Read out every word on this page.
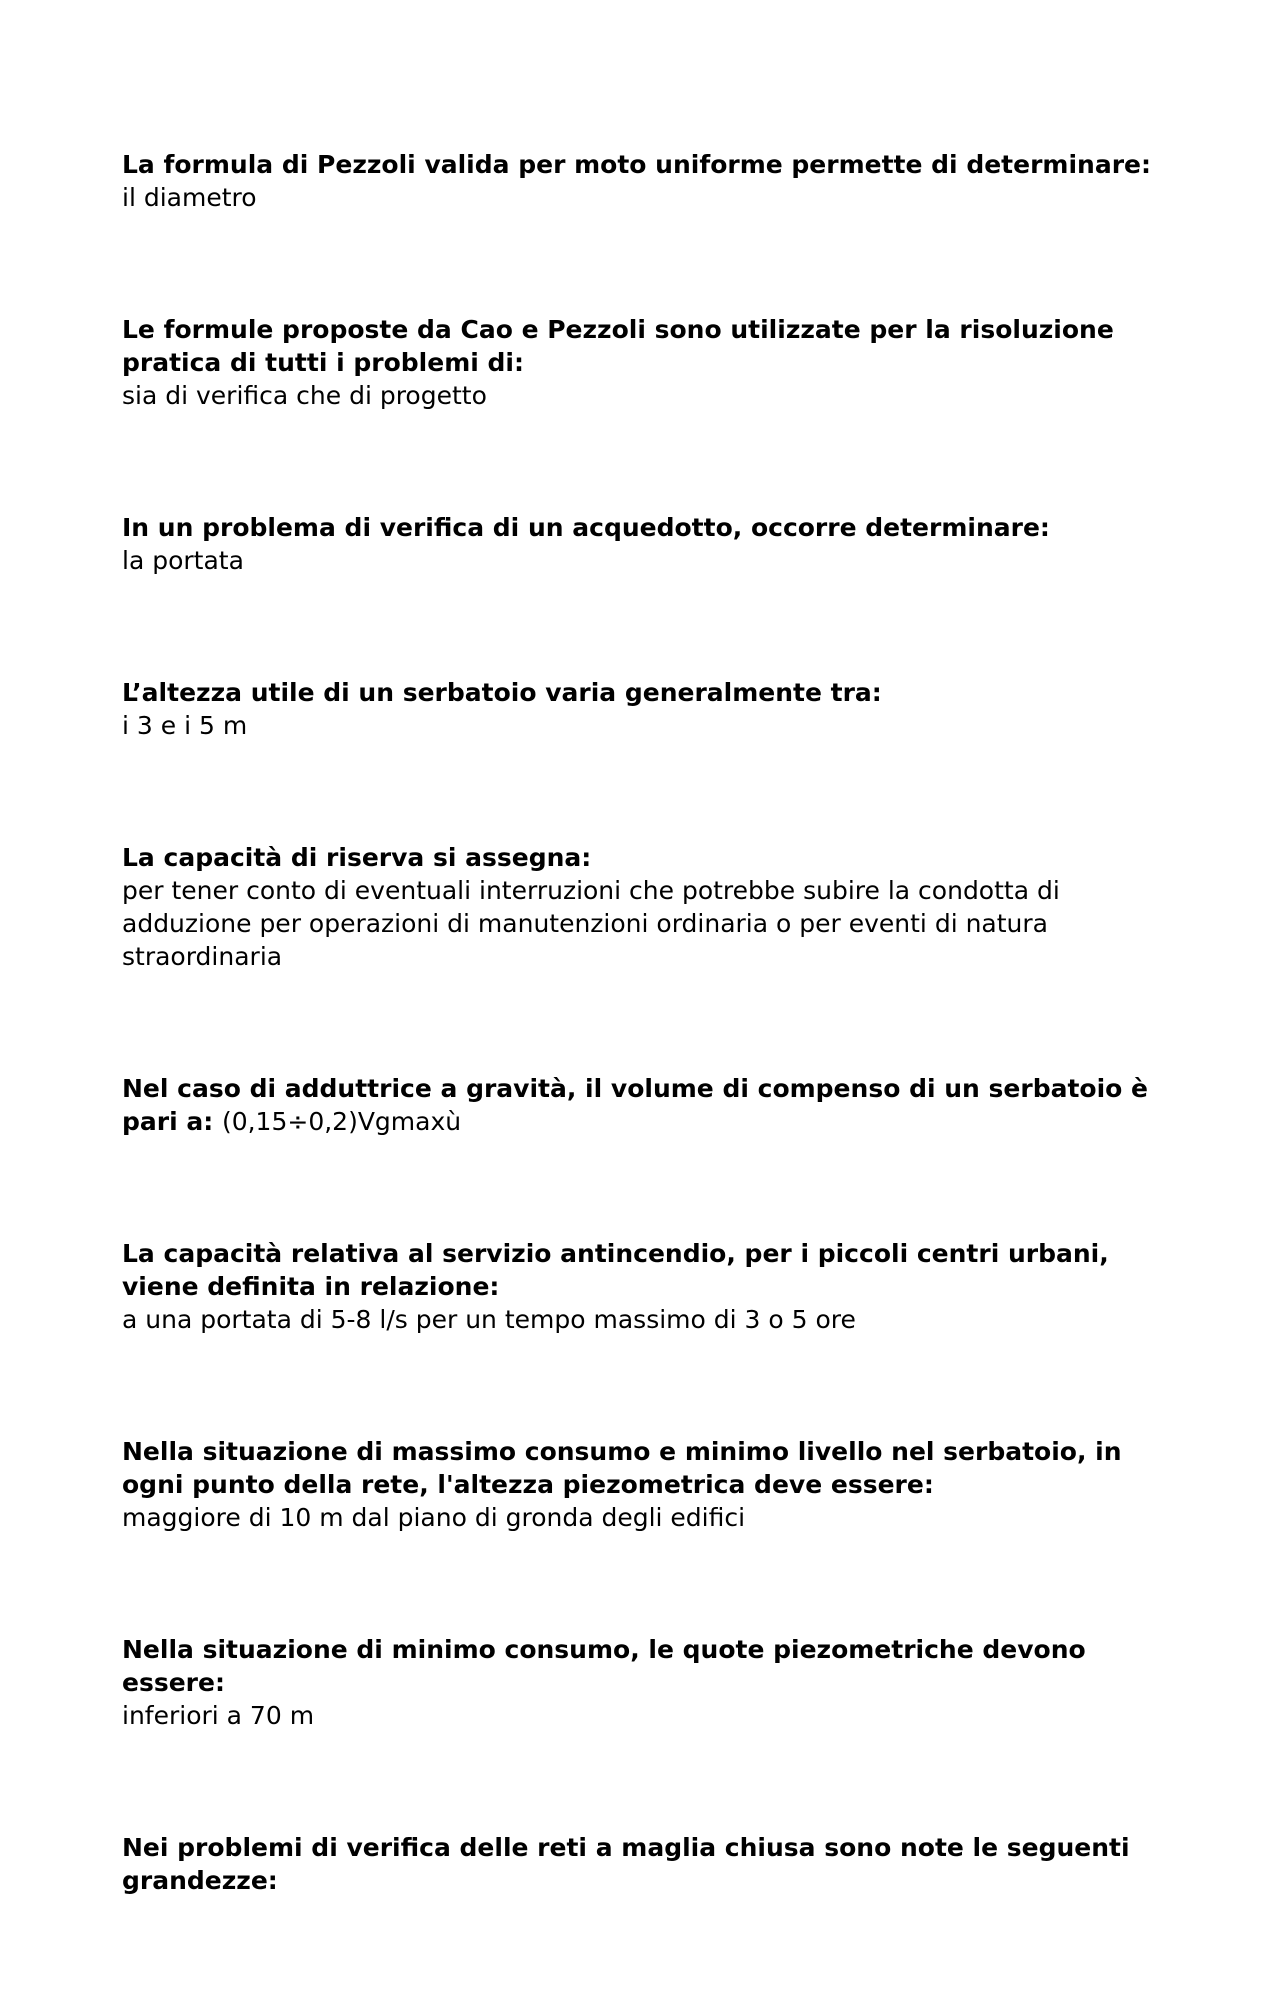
La formula di Pezzoli valida per moto uniforme permette di determinare:
il diametro
Le formule proposte da Cao e Pezzoli sono utilizzate per la risoluzione pratica di tutti i problemi di:
sia di verifica che di progetto
In un problema di verifica di un acquedotto, occorre determinare:
la portata
L’altezza utile di un serbatoio varia generalmente tra:
i 3 e i 5 m
La capacità di riserva si assegna:
per tener conto di eventuali interruzioni che potrebbe subire la condotta di adduzione per operazioni di manutenzioni ordinaria o per eventi di natura straordinaria
Nel caso di adduttrice a gravità, il volume di compenso di un serbatoio è pari a: (0,15÷0,2)Vgmaxù
La capacità relativa al servizio antincendio, per i piccoli centri urbani, viene definita in relazione:
a una portata di 5-8 l/s per un tempo massimo di 3 o 5 ore
Nella situazione di massimo consumo e minimo livello nel serbatoio, in ogni punto della rete, l'altezza piezometrica deve essere:
maggiore di 10 m dal piano di gronda degli edifici
Nella situazione di minimo consumo, le quote piezometriche devono essere:
inferiori a 70 m
Nei problemi di verifica delle reti a maglia chiusa sono note le seguenti grandezze:
